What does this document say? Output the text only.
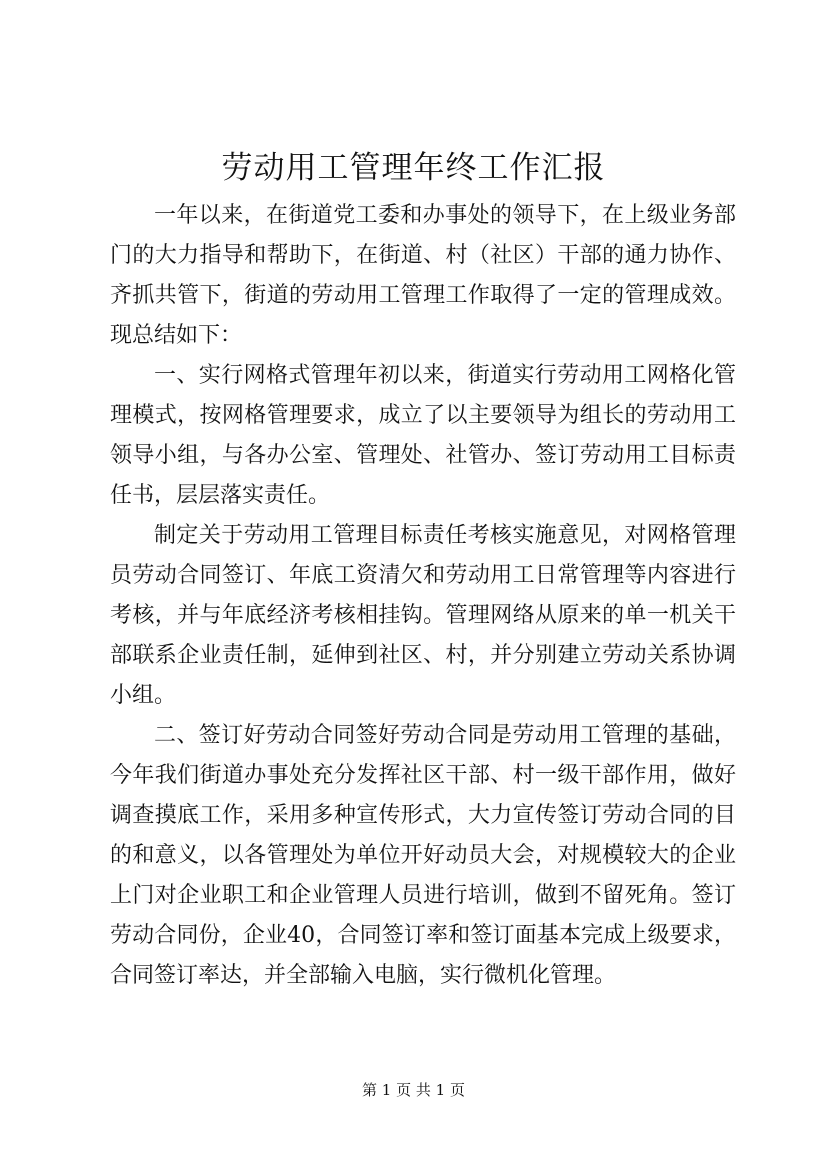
劳动用工管理年终工作汇报

一年以来，在街道党工委和办事处的领导下，在上级业务部门的大力指导和帮助下，在街道、村（社区）干部的通力协作、齐抓共管下，街道的劳动用工管理工作取得了一定的管理成效。现总结如下：

一、实行网格式管理年初以来，街道实行劳动用工网格化管理模式，按网格管理要求，成立了以主要领导为组长的劳动用工领导小组，与各办公室、管理处、社管办、签订劳动用工目标责任书，层层落实责任。

制定关于劳动用工管理目标责任考核实施意见，对网格管理员劳动合同签订、年底工资清欠和劳动用工日常管理等内容进行考核，并与年底经济考核相挂钩。管理网络从原来的单一机关干部联系企业责任制，延伸到社区、村，并分别建立劳动关系协调小组。

二、签订好劳动合同签好劳动合同是劳动用工管理的基础，今年我们街道办事处充分发挥社区干部、村一级干部作用，做好调查摸底工作，采用多种宣传形式，大力宣传签订劳动合同的目的和意义，以各管理处为单位开好动员大会，对规模较大的企业上门对企业职工和企业管理人员进行培训，做到不留死角。签订劳动合同份，企业40，合同签订率和签订面基本完成上级要求，合同签订率达，并全部输入电脑，实行微机化管理。

第 1 页 共 1 页
